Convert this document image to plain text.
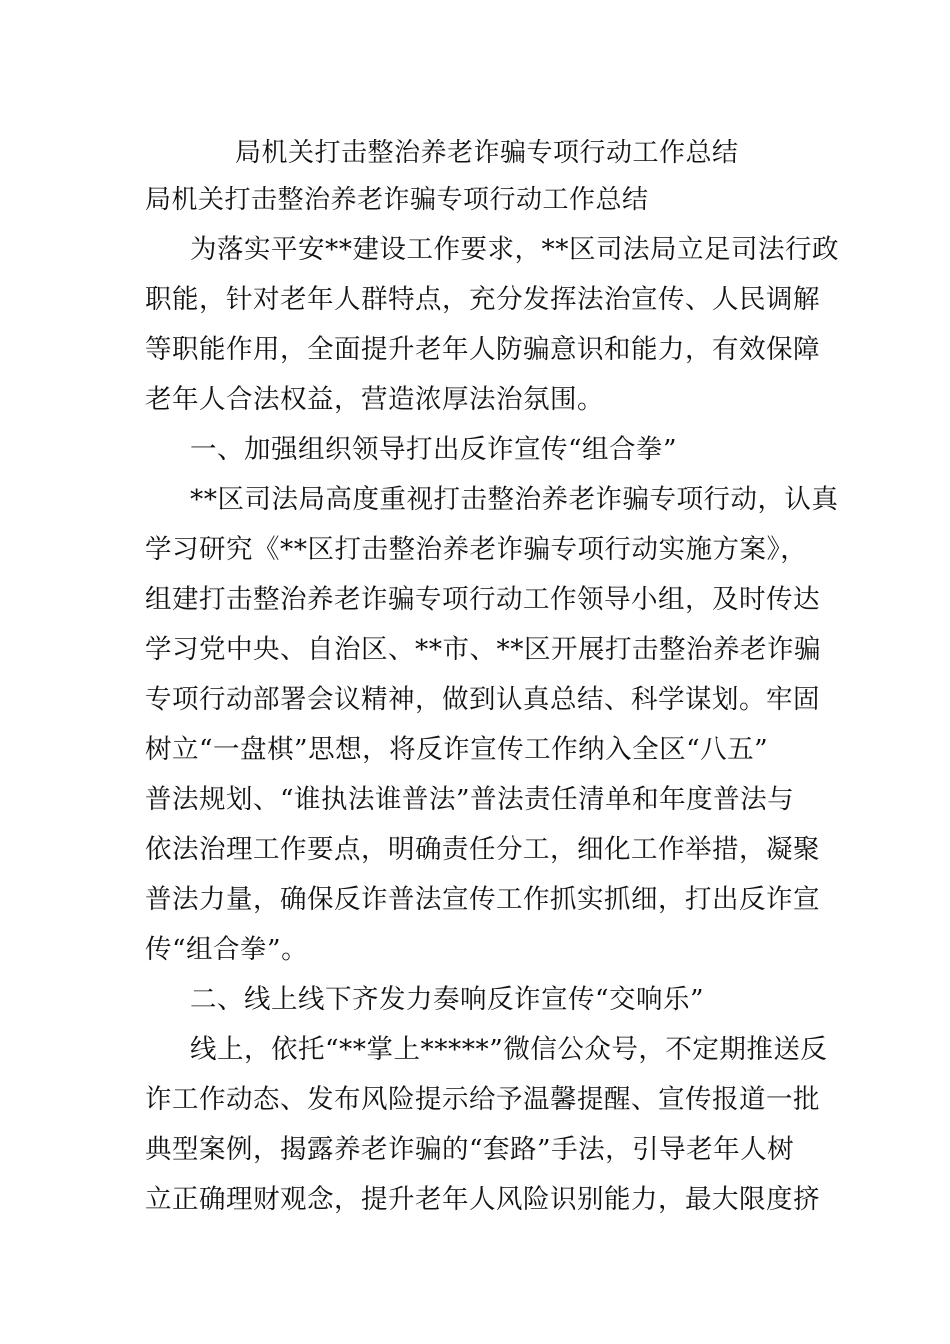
局机关打击整治养老诈骗专项行动工作总结
局机关打击整治养老诈骗专项行动工作总结
为落实平安**建设工作要求，**区司法局立足司法行政
职能，针对老年人群特点，充分发挥法治宣传、人民调解
等职能作用，全面提升老年人防骗意识和能力，有效保障
老年人合法权益，营造浓厚法治氛围。
一、加强组织领导打出反诈宣传“组合拳”
**区司法局高度重视打击整治养老诈骗专项行动，认真
学习研究《**区打击整治养老诈骗专项行动实施方案》，
组建打击整治养老诈骗专项行动工作领导小组，及时传达
学习党中央、自治区、**市、**区开展打击整治养老诈骗
专项行动部署会议精神，做到认真总结、科学谋划。牢固
树立“一盘棋”思想，将反诈宣传工作纳入全区“八五”
普法规划、“谁执法谁普法”普法责任清单和年度普法与
依法治理工作要点，明确责任分工，细化工作举措，凝聚
普法力量，确保反诈普法宣传工作抓实抓细，打出反诈宣
传“组合拳”。
二、线上线下齐发力奏响反诈宣传“交响乐”
线上，依托“**掌上*****”微信公众号，不定期推送反
诈工作动态、发布风险提示给予温馨提醒、宣传报道一批
典型案例，揭露养老诈骗的“套路”手法，引导老年人树
立正确理财观念，提升老年人风险识别能力，最大限度挤
